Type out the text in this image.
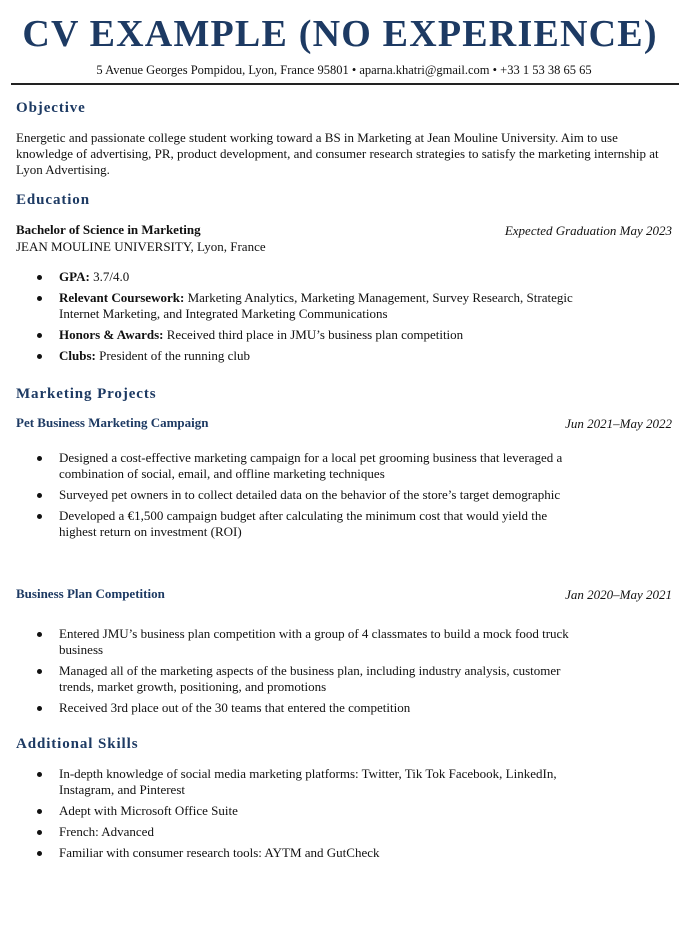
CV EXAMPLE (NO EXPERIENCE)
5 Avenue Georges Pompidou, Lyon, France 95801 • aparna.khatri@gmail.com • +33 1 53 38 65 65
Objective
Energetic and passionate college student working toward a BS in Marketing at Jean Mouline University. Aim to use knowledge of advertising, PR, product development, and consumer research strategies to satisfy the marketing internship at Lyon Advertising.
Education
Bachelor of Science in Marketing	Expected Graduation May 2023
JEAN MOULINE UNIVERSITY, Lyon, France
GPA: 3.7/4.0
Relevant Coursework: Marketing Analytics, Marketing Management, Survey Research, Strategic Internet Marketing, and Integrated Marketing Communications
Honors & Awards: Received third place in JMU’s business plan competition
Clubs: President of the running club
Marketing Projects
Pet Business Marketing Campaign	Jun 2021–May 2022
Designed a cost-effective marketing campaign for a local pet grooming business that leveraged a combination of social, email, and offline marketing techniques
Surveyed pet owners in to collect detailed data on the behavior of the store’s target demographic
Developed a €1,500 campaign budget after calculating the minimum cost that would yield the highest return on investment (ROI)
Business Plan Competition	Jan 2020–May 2021
Entered JMU’s business plan competition with a group of 4 classmates to build a mock food truck business
Managed all of the marketing aspects of the business plan, including industry analysis, customer trends, market growth, positioning, and promotions
Received 3rd place out of the 30 teams that entered the competition
Additional Skills
In-depth knowledge of social media marketing platforms: Twitter, Tik Tok Facebook, LinkedIn, Instagram, and Pinterest
Adept with Microsoft Office Suite
French: Advanced
Familiar with consumer research tools: AYTM and GutCheck
